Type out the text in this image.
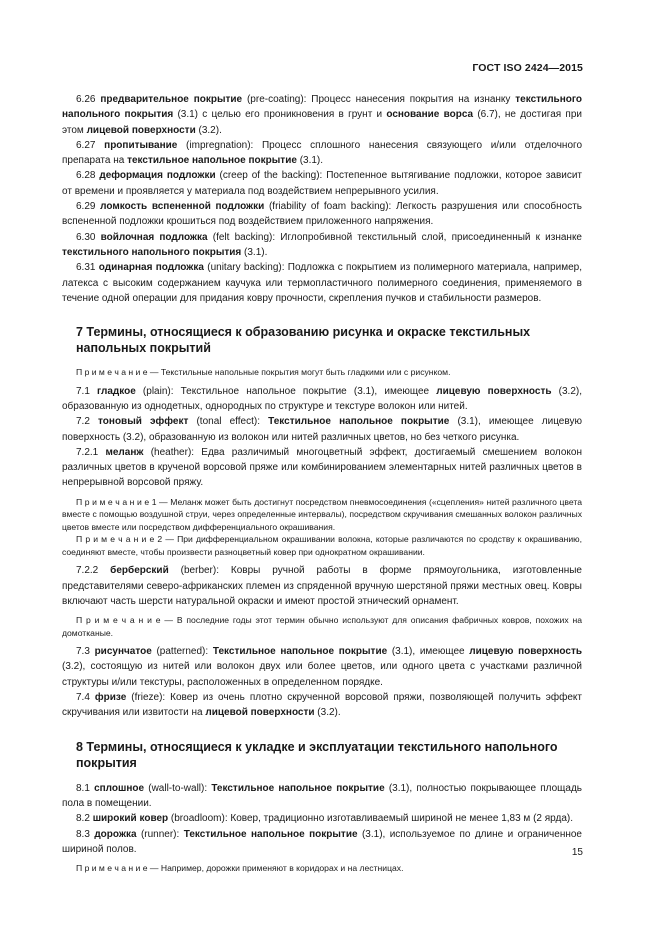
ГОСТ ISO 2424—2015

6.26 предварительное покрытие (pre-coating): Процесс нанесения покрытия на изнанку текстильного напольного покрытия (3.1) с целью его проникновения в грунт и основание ворса (6.7), не достигая при этом лицевой поверхности (3.2).

6.27 пропитывание (impregnation): Процесс сплошного нанесения связующего и/или отделочного препарата на текстильное напольное покрытие (3.1).

6.28 деформация подложки (creep of the backing): Постепенное вытягивание подложки, которое зависит от времени и проявляется у материала под воздействием непрерывного усилия.

6.29 ломкость вспененной подложки (friability of foam backing): Легкость разрушения или способность вспененной подложки крошиться под воздействием приложенного напряжения.

6.30 войлочная подложка (felt backing): Иглопробивной текстильный слой, присоединенный к изнанке текстильного напольного покрытия (3.1).

6.31 одинарная подложка (unitary backing): Подложка с покрытием из полимерного материала, например, латекса с высоким содержанием каучука или термопластичного полимерного соединения, применяемого в течение одной операции для придания ковру прочности, скрепления пучков и стабильности размеров.

7 Термины, относящиеся к образованию рисунка и окраске текстильных напольных покрытий

П р и м е ч а н и е — Текстильные напольные покрытия могут быть гладкими или с рисунком.

7.1 гладкое (plain): Текстильное напольное покрытие (3.1), имеющее лицевую поверхность (3.2), образованную из однодетных, однородных по структуре и текстуре волокон или нитей.

7.2 тоновый эффект (tonal effect): Текстильное напольное покрытие (3.1), имеющее лицевую поверхность (3.2), образованную из волокон или нитей различных цветов, но без четкого рисунка.

7.2.1 меланж (heather): Едва различимый многоцветный эффект, достигаемый смешением волокон различных цветов в крученой ворсовой пряже или комбинированием элементарных нитей различных цветов в непрерывной ворсовой пряжу.

П р и м е ч а н и е 1 — Меланж может быть достигнут посредством пневмосоединения («сцепления» нитей различного цвета вместе с помощью воздушной струи, через определенные интервалы), посредством скручивания смешанных волокон различных цветов вместе или посредством дифференциального окрашивания.

П р и м е ч а н и е 2 — При дифференциальном окрашивании волокна, которые различаются по сродству к окрашиванию, соединяют вместе, чтобы произвести разноцветный ковер при однократном окрашивании.

7.2.2 берберский (berber): Ковры ручной работы в форме прямоугольника, изготовленные представителями северо-африканских племен из спряденной вручную шерстяной пряжи местных овец. Ковры включают часть шерсти натуральной окраски и имеют простой этнический орнамент.

П р и м е ч а н и е — В последние годы этот термин обычно используют для описания фабричных ковров, похожих на домотканые.

7.3 рисунчатое (patterned): Текстильное напольное покрытие (3.1), имеющее лицевую поверхность (3.2), состоящую из нитей или волокон двух или более цветов, или одного цвета с участками различной структуры и/или текстуры, расположенных в определенном порядке.

7.4 фризе (frieze): Ковер из очень плотно скрученной ворсовой пряжи, позволяющей получить эффект скручивания или извитости на лицевой поверхности (3.2).

8 Термины, относящиеся к укладке и эксплуатации текстильного напольного покрытия

8.1 сплошное (wall-to-wall): Текстильное напольное покрытие (3.1), полностью покрывающее площадь пола в помещении.

8.2 широкий ковер (broadloom): Ковер, традиционно изготавливаемый шириной не менее 1,83 м (2 ярда).

8.3 дорожка (runner): Текстильное напольное покрытие (3.1), используемое по длине и ограниченное шириной полов.

П р и м е ч а н и е — Например, дорожки применяют в коридорах и на лестницах.

15
